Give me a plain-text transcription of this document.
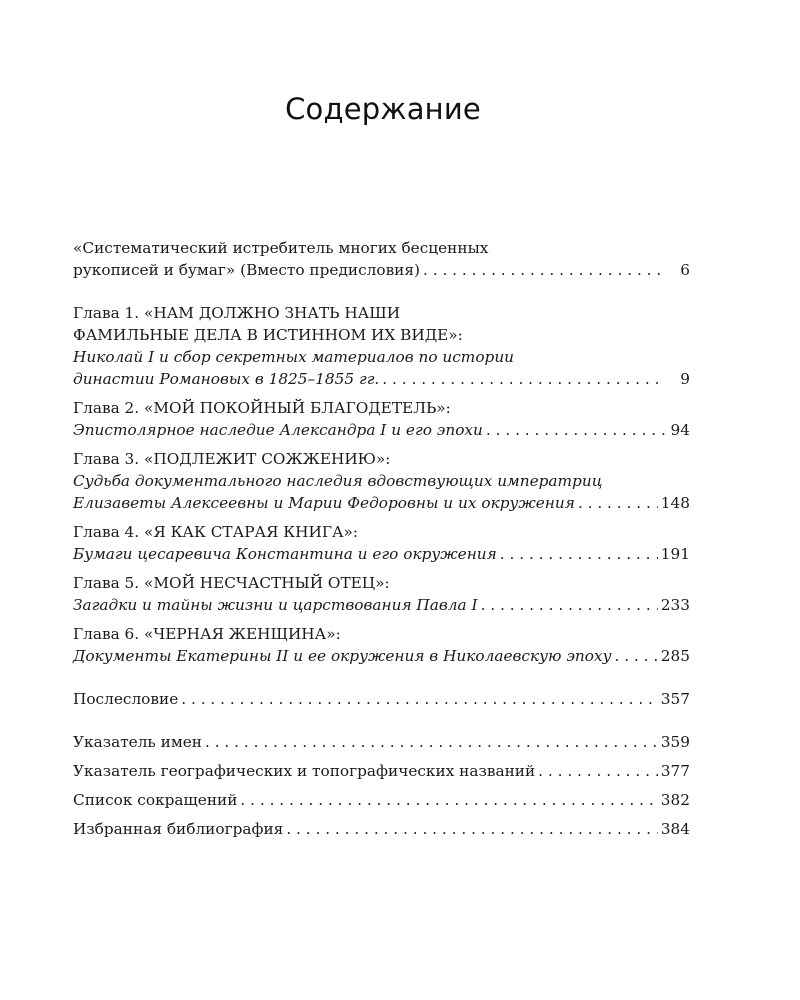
Содержание
«Систематический истребитель многих бесценных
рукописей и бумаг» (Вместо предисловия) . . .	6
Глава 1. «НАМ ДОЛЖНО ЗНАТЬ НАШИ
ФАМИЛЬНЫЕ ДЕЛА В ИСТИННОМ ИХ ВИДЕ»:
Николай I и сбор секретных материалов по истории
династии Романовых в 1825–1855 гг. . . .	9
Глава 2. «МОЙ ПОКОЙНЫЙ БЛАГОДЕТЕЛЬ»:
Эпистолярное наследие Александра I и его эпохи . . .	94
Глава 3. «ПОДЛЕЖИТ СОЖЖЕНИЮ»:
Судьба документального наследия вдовствующих императриц
Елизаветы Алексеевны и Марии Федоровны и их окружения . . .	148
Глава 4. «Я КАК СТАРАЯ КНИГА»:
Бумаги цесаревича Константина и его окружения . . .	191
Глава 5. «МОЙ НЕСЧАСТНЫЙ ОТЕЦ»:
Загадки и тайны жизни и царствования Павла I . . .	233
Глава 6. «ЧЕРНАЯ ЖЕНЩИНА»:
Документы Екатерины II и ее окружения в Николаевскую эпоху . . .	285
Послесловие . . .	357
Указатель имен . . .	359
Указатель географических и топографических названий . . .	377
Список сокращений . . .	382
Избранная библиография . . .	384
